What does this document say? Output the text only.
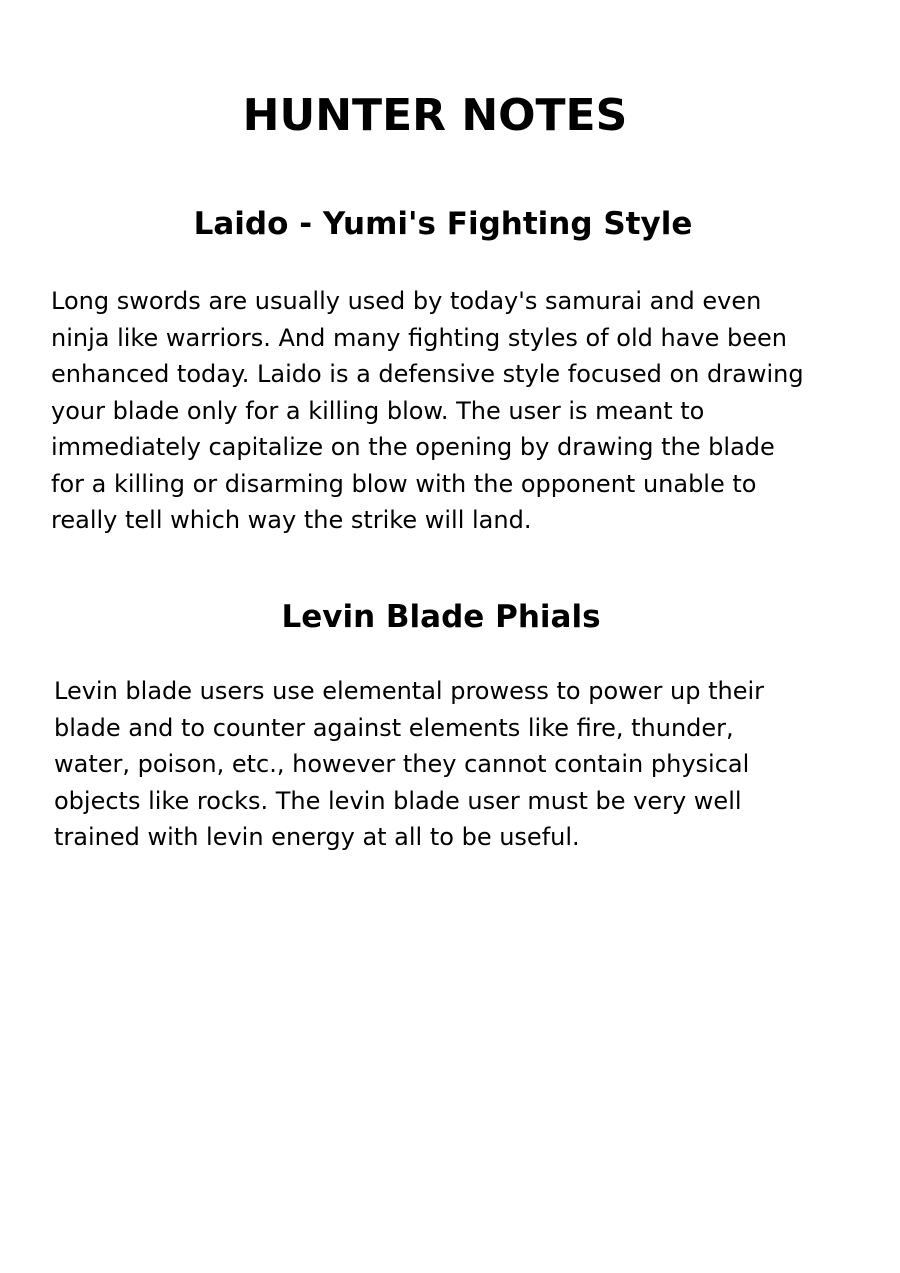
HUNTER NOTES
Laido - Yumi's Fighting Style

Long swords are usually used by today's samurai and even
ninja like warriors. And many fighting styles of old have been
enhanced today. Laido is a defensive style focused on drawing
your blade only for a killing blow. The user is meant to
immediately capitalize on the opening by drawing the blade
for a killing or disarming blow with the opponent unable to
really tell which way the strike will land.

Levin Blade Phials

Levin blade users use elemental prowess to power up their
blade and to counter against elements like fire, thunder,
water, poison, etc., however they cannot contain physical
objects like rocks. The levin blade user must be very well
trained with levin energy at all to be useful.
